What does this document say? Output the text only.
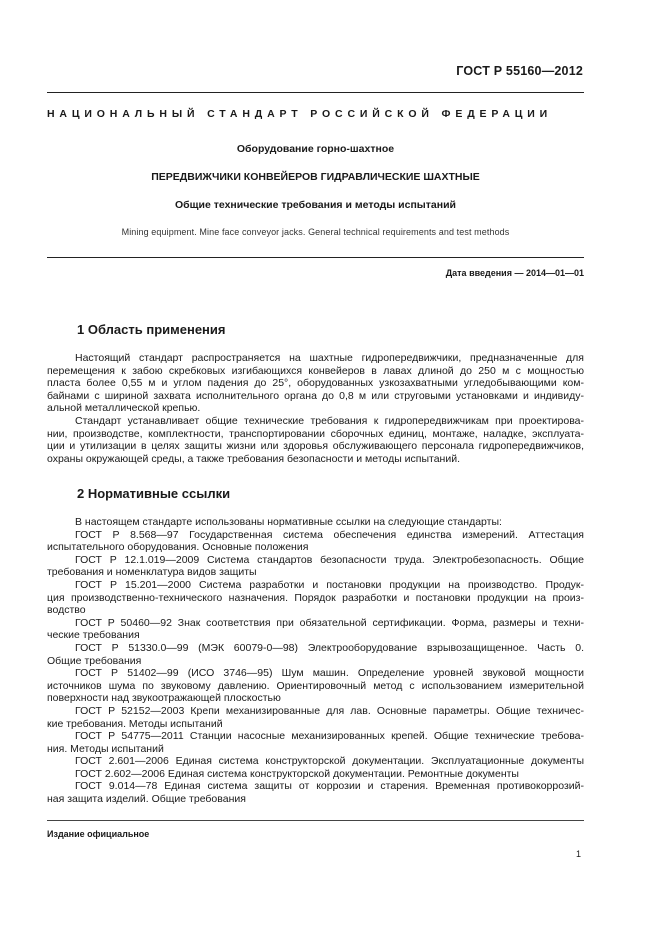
ГОСТ Р 55160—2012
НАЦИОНАЛЬНЫЙ СТАНДАРТ РОССИЙСКОЙ ФЕДЕРАЦИИ
Оборудование горно-шахтное
ПЕРЕДВИЖЧИКИ КОНВЕЙЕРОВ ГИДРАВЛИЧЕСКИЕ ШАХТНЫЕ
Общие технические требования и методы испытаний
Mining equipment. Mine face conveyor jacks. General technical requirements and test methods
Дата введения — 2014—01—01
1 Область применения
Настоящий стандарт распространяется на шахтные гидропередвижчики, предназначенные для
перемещения к забою скребковых изгибающихся конвейеров в лавах длиной до 250 м с мощностью
пласта более 0,55 м и углом падения до 25°, оборудованных узкозахватными угледобывающими ком-
байнами с шириной захвата исполнительного органа до 0,8 м или струговыми установками и индивиду-
альной металлической крепью.
Стандарт устанавливает общие технические требования к гидропередвижчикам при проектирова-
нии, производстве, комплектности, транспортировании сборочных единиц, монтаже, наладке, эксплуата-
ции и утилизации в целях защиты жизни или здоровья обслуживающего персонала гидропередвижчиков,
охраны окружающей среды, а также требования безопасности и методы испытаний.
2 Нормативные ссылки
В настоящем стандарте использованы нормативные ссылки на следующие стандарты:
ГОСТ Р 8.568—97 Государственная система обеспечения единства измерений. Аттестация
испытательного оборудования. Основные положения
ГОСТ Р 12.1.019—2009 Система стандартов безопасности труда. Электробезопасность. Общие
требования и номенклатура видов защиты
ГОСТ Р 15.201—2000 Система разработки и постановки продукции на производство. Продук-
ция производственно-технического назначения. Порядок разработки и постановки продукции на произ-
водство
ГОСТ Р 50460—92 Знак соответствия при обязательной сертификации. Форма, размеры и техни-
ческие требования
ГОСТ Р 51330.0—99 (МЭК 60079-0—98) Электрооборудование взрывозащищенное. Часть 0.
Общие требования
ГОСТ Р 51402—99 (ИСО 3746—95) Шум машин. Определение уровней звуковой мощности
источников шума по звуковому давлению. Ориентировочный метод с использованием измерительной
поверхности над звукоотражающей плоскостью
ГОСТ Р 52152—2003 Крепи механизированные для лав. Основные параметры. Общие техничес-
кие требования. Методы испытаний
ГОСТ Р 54775—2011 Станции насосные механизированных крепей. Общие технические требова-
ния. Методы испытаний
ГОСТ 2.601—2006 Единая система конструкторской документации. Эксплуатационные документы
ГОСТ 2.602—2006 Единая система конструкторской документации. Ремонтные документы
ГОСТ 9.014—78 Единая система защиты от коррозии и старения. Временная противокоррозий-
ная защита изделий. Общие требования
Издание официальное
1
